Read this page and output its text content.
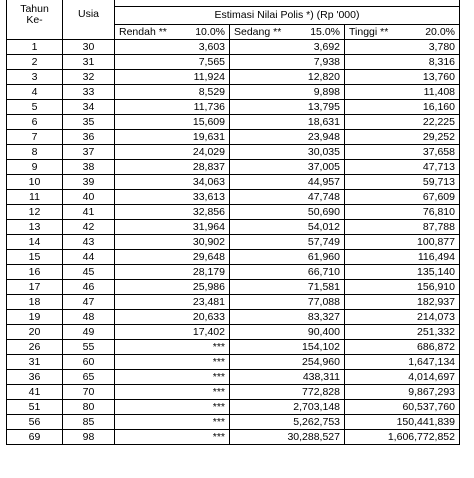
Tahun Ke-	Usia			
		Estimasi Nilai Polis *) (Rp '000)		

		Rendah ** 10.0%	Sedang ** 15.0%	Tinggi ** 20.0%

1	30	3,603	3,692	3,780
2	31	7,565	7,938	8,316
3	32	11,924	12,820	13,760
4	33	8,529	9,898	11,408
5	34	11,736	13,795	16,160
6	35	15,609	18,631	22,225
7	36	19,631	23,948	29,252
8	37	24,029	30,035	37,658
9	38	28,837	37,005	47,713
10	39	34,063	44,957	59,713
11	40	33,613	47,748	67,609
12	41	32,856	50,690	76,810
13	42	31,964	54,012	87,788
14	43	30,902	57,749	100,877
15	44	29,648	61,960	116,494
16	45	28,179	66,710	135,140
17	46	25,986	71,581	156,910
18	47	23,481	77,088	182,937
19	48	20,633	83,327	214,073
20	49	17,402	90,400	251,332
26	55	***	154,102	686,872
31	60	***	254,960	1,647,134
36	65	***	438,311	4,014,697
41	70	***	772,828	9,867,293
51	80	***	2,703,148	60,537,760
56	85	***	5,262,753	150,441,839
69	98	***	30,288,527	1,606,772,852
